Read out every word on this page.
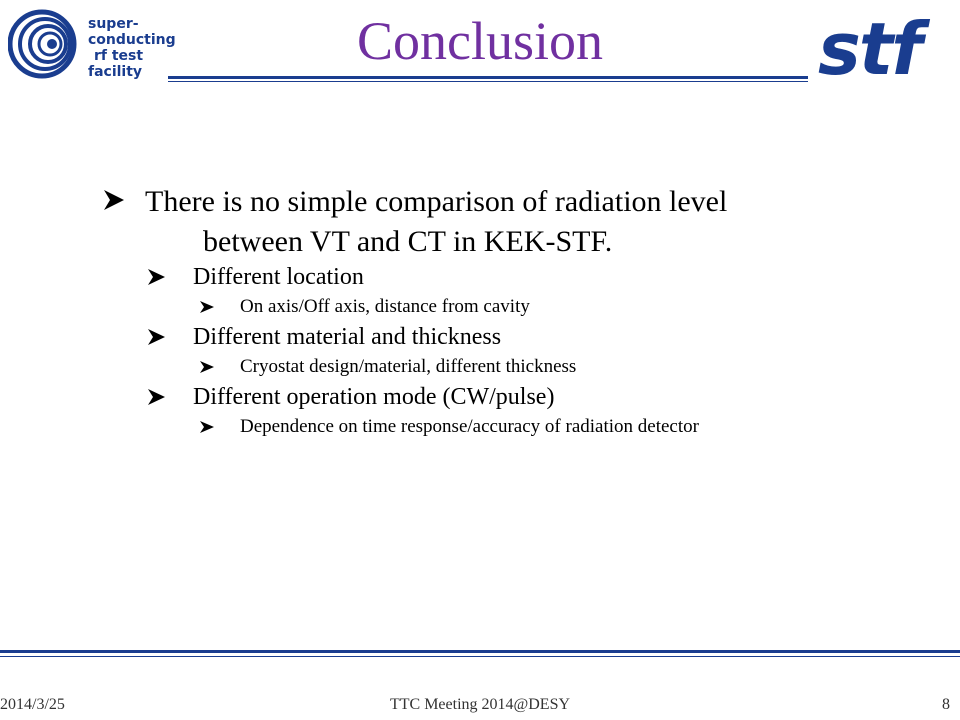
super-
conducting
rf test
facility
Conclusion	stf
There is no simple comparison of radiation level
between VT and CT in KEK-STF.
Different location
On axis/Off axis, distance from cavity
Different material and thickness
Cryostat design/material, different thickness
Different operation mode (CW/pulse)
Dependence on time response/accuracy of radiation detector
2014/3/25	TTC Meeting 2014@DESY	8
